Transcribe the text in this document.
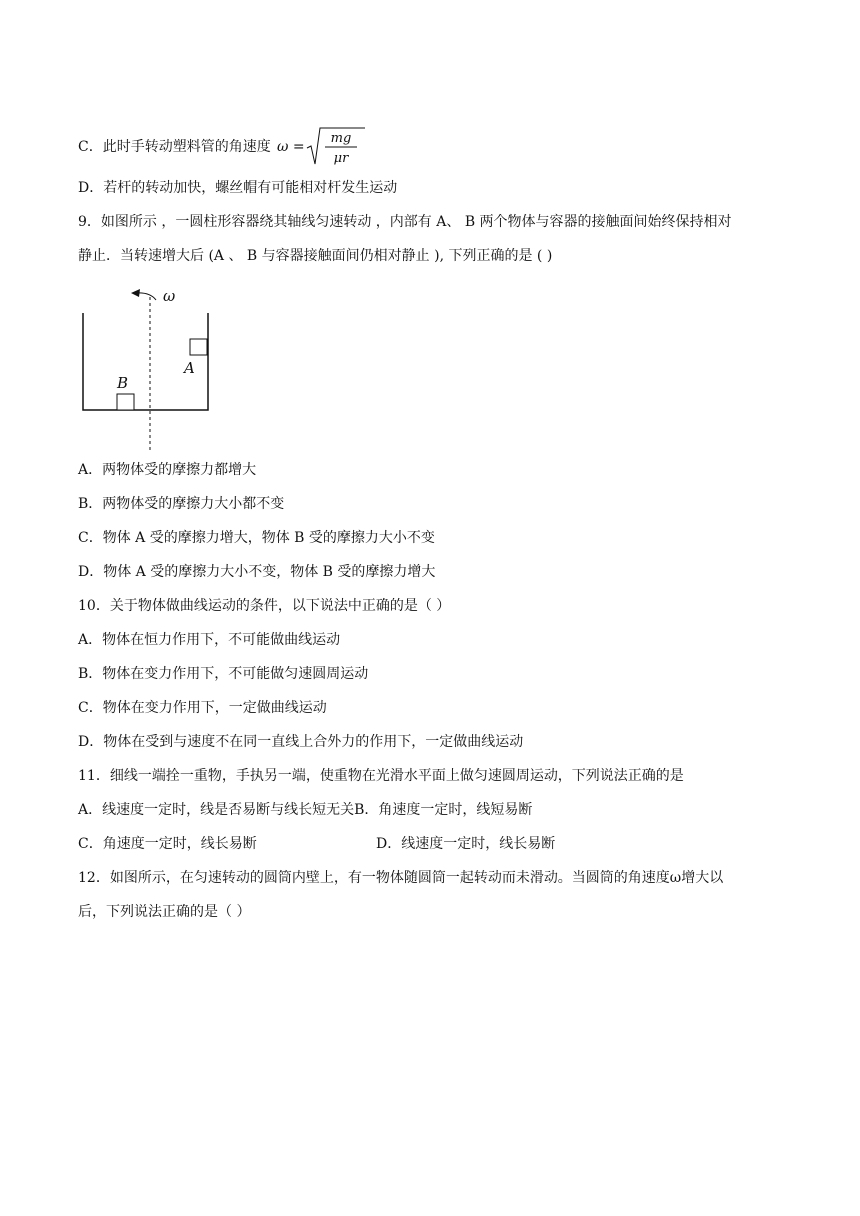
C．此时手转动塑料管的角速度 ω =
mg
μr
D．若杆的转动加快，螺丝帽有可能相对杆发生运动
9．如图所示 ，一圆柱形容器绕其轴线匀速转动 ，内部有 A、 B 两个物体与容器的接触面间始终保持相对
静止．当转速增大后 (A 、 B 与容器接触面间仍相对静止 ), 下列正确的是 ( )
ω
A
B
A．两物体受的摩擦力都增大
B．两物体受的摩擦力大小都不变
C．物体 A 受的摩擦力增大，物体 B 受的摩擦力大小不变
D．物体 A 受的摩擦力大小不变，物体 B 受的摩擦力增大
10．关于物体做曲线运动的条件，以下说法中正确的是（ ）
A．物体在恒力作用下，不可能做曲线运动
B．物体在变力作用下，不可能做匀速圆周运动
C．物体在变力作用下，一定做曲线运动
D．物体在受到与速度不在同一直线上合外力的作用下，一定做曲线运动
11．细线一端拴一重物，手执另一端，使重物在光滑水平面上做匀速圆周运动，下列说法正确的是
A．线速度一定时，线是否易断与线长短无关B．角速度一定时，线短易断
C．角速度一定时，线长易断	D．线速度一定时，线长易断
12．如图所示，在匀速转动的圆筒内壁上，有一物体随圆筒一起转动而未滑动。当圆筒的角速度ω增大以
后，下列说法正确的是（ ）
